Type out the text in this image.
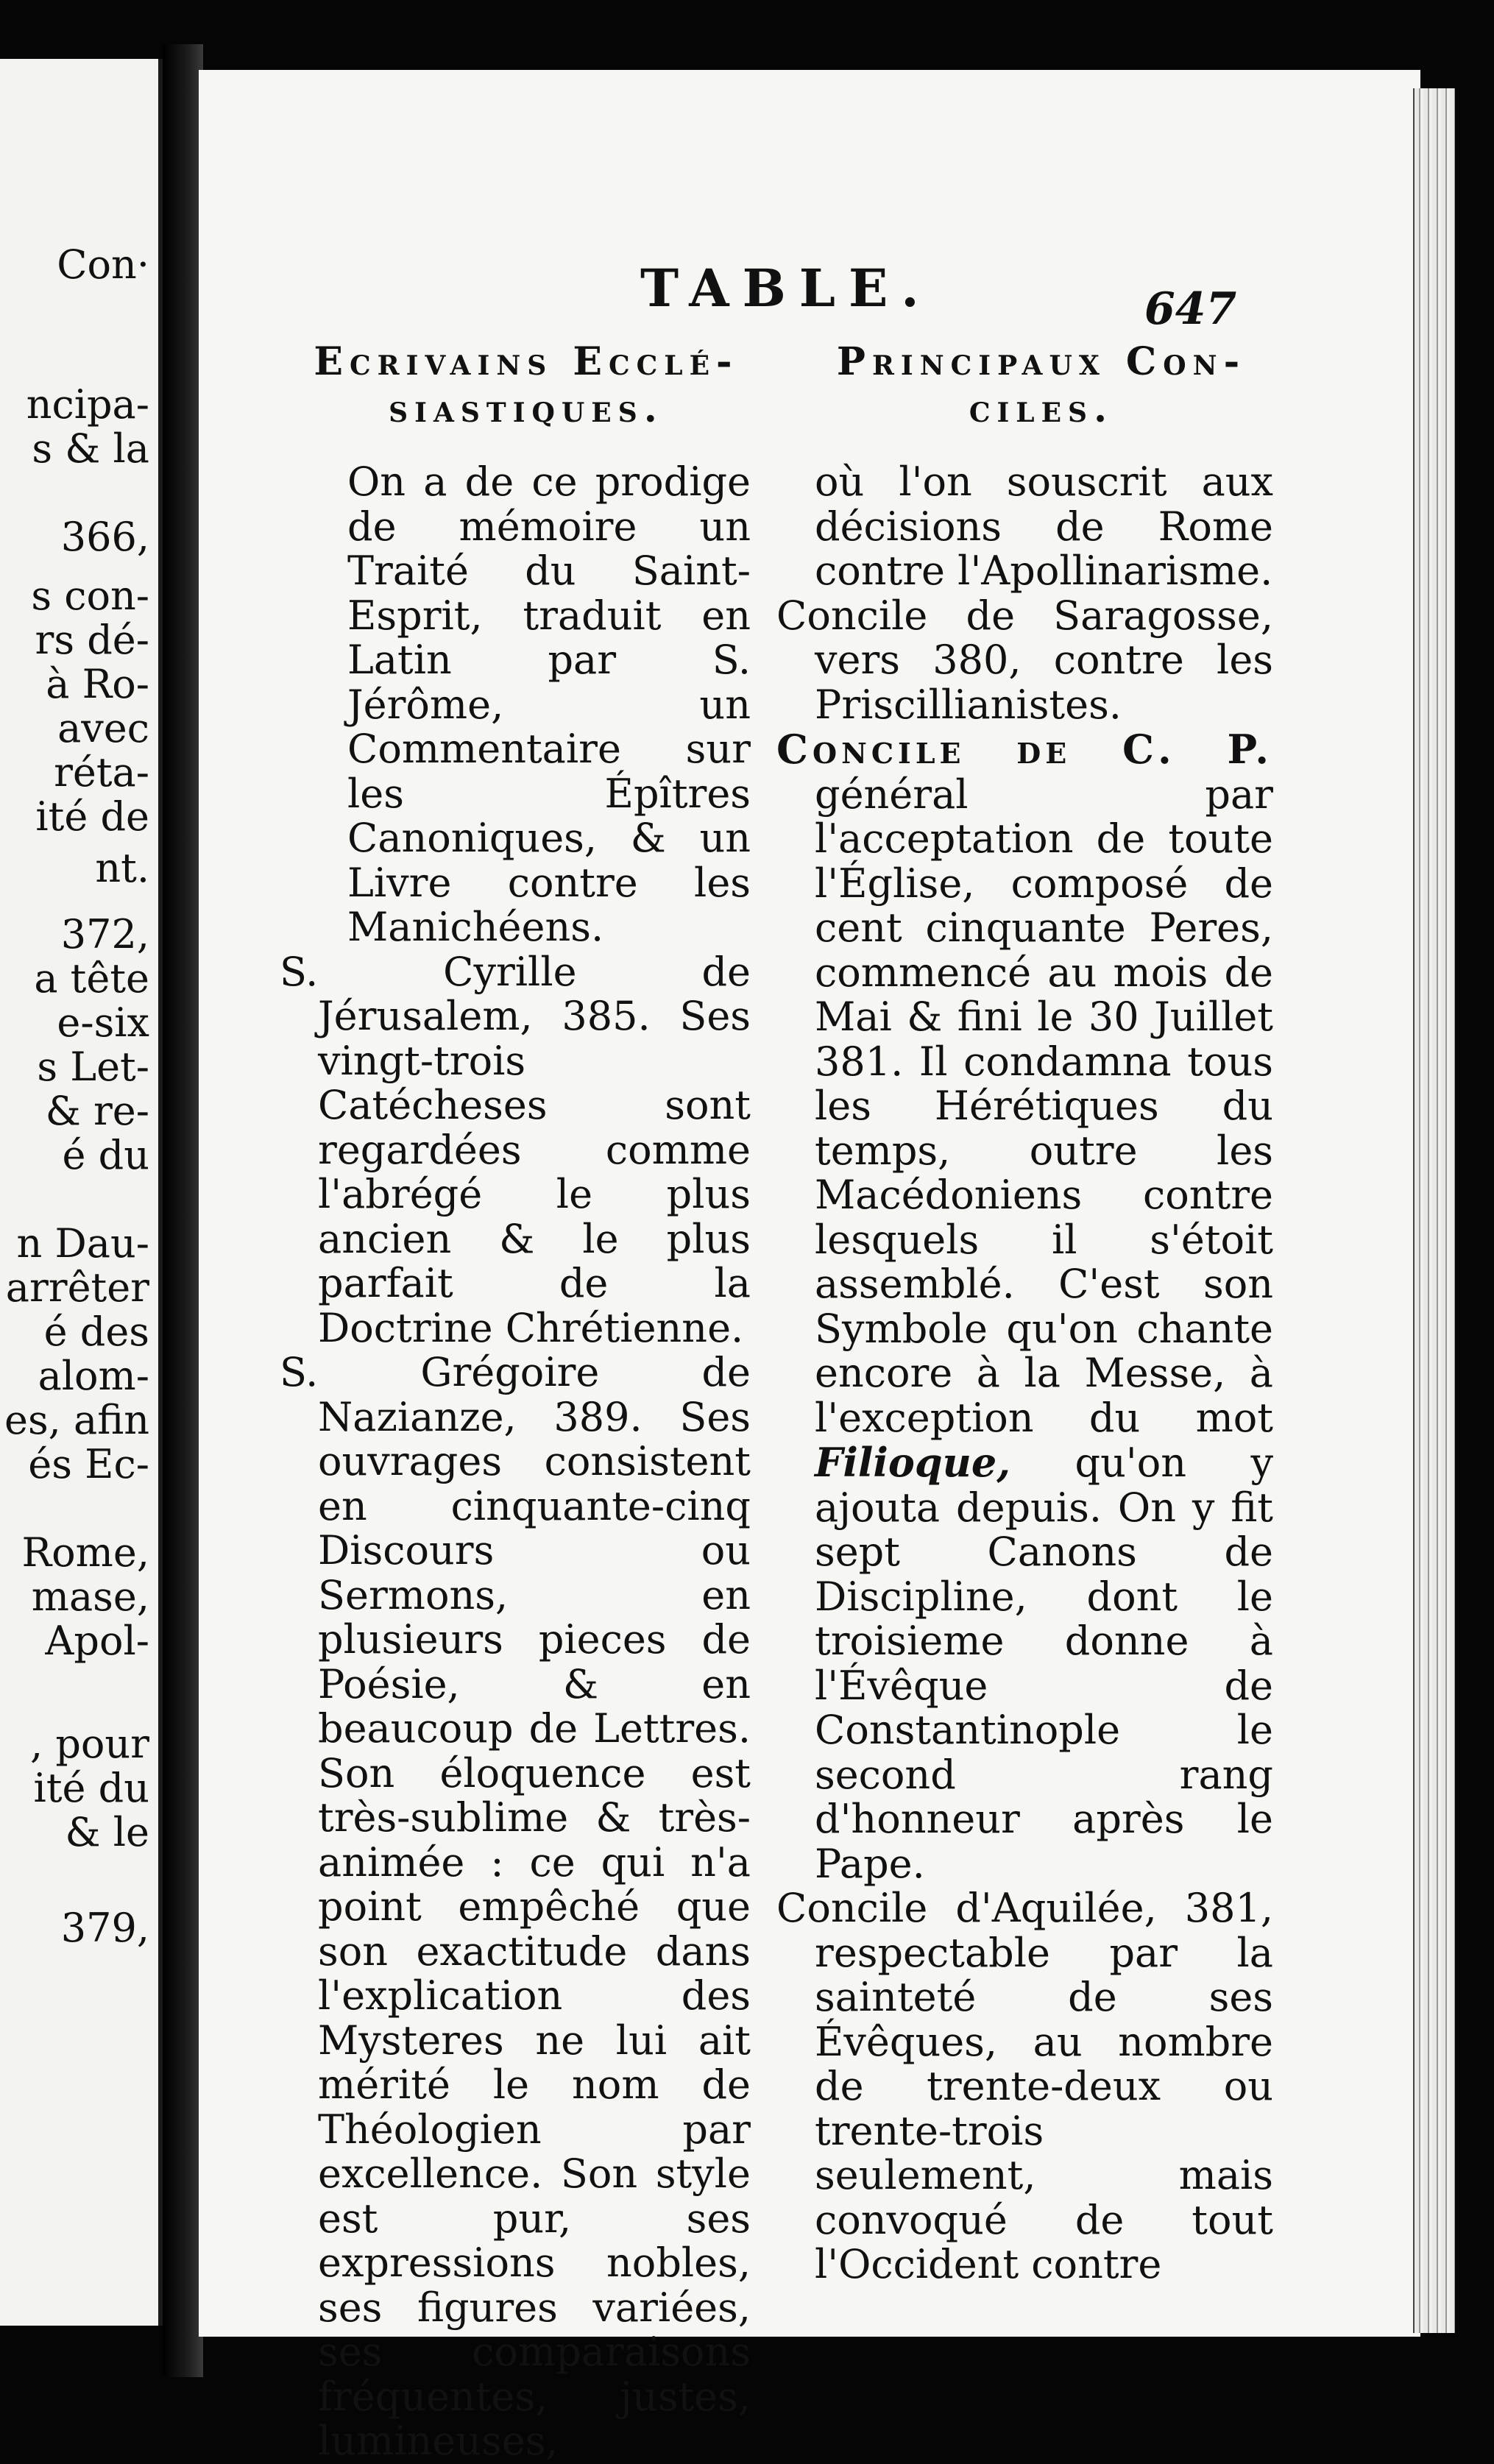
Con·
ncipa-
s & la
366,
s con-
rs dé-
à Ro-
avec
réta-
ité de
nt.
372,
a tête
e-six
s Let-
& re-
é du
n Dau-
arrêter
é des
alom-
es, afin
és Ec-
Rome,
mase,
Apol-
, pour
ité du
& le
379,
TABLE.	647
Ecrivains Ecclé-
siastiques.
Principaux Con-
ciles.

On a de ce prodige de mémoire un Traité du Saint-Esprit, traduit en Latin par S. Jérôme, un Commentaire sur les Épîtres Canoniques, & un Livre contre les Manichéens.

S. Cyrille de Jérusalem, 385. Ses vingt-trois Catécheses sont regardées comme l'abrégé le plus ancien & le plus parfait de la Doctrine Chrétienne.

S. Grégoire de Nazianze, 389. Ses ouvrages consistent en cinquante-cinq Discours ou Sermons, en plusieurs pieces de Poésie, & en beaucoup de Lettres. Son éloquence est très-sublime & très-animée : ce qui n'a point empêché que son exactitude dans l'explication des Mysteres ne lui ait mérité le nom de Théologien par excellence. Son style est pur, ses expressions nobles, ses figures variées, ses comparaisons fréquentes, justes, lumineuses,

où l'on souscrit aux décisions de Rome contre l'Apollinarisme.

Concile de Saragosse, vers 380, contre les Priscillianistes.

Concile de C. P. général par l'acceptation de toute l'Église, composé de cent cinquante Peres, commencé au mois de Mai & fini le 30 Juillet 381. Il condamna tous les Hérétiques du temps, outre les Macédoniens contre lesquels il s'étoit assemblé. C'est son Symbole qu'on chante encore à la Messe, à l'exception du mot Filioque, qu'on y ajouta depuis. On y fit sept Canons de Discipline, dont le troisieme donne à l'Évêque de Constantinople le second rang d'honneur après le Pape.

Concile d'Aquilée, 381, respectable par la sainteté de ses Évêques, au nombre de trente-deux ou trente-trois seulement, mais convoqué de tout l'Occident contre
